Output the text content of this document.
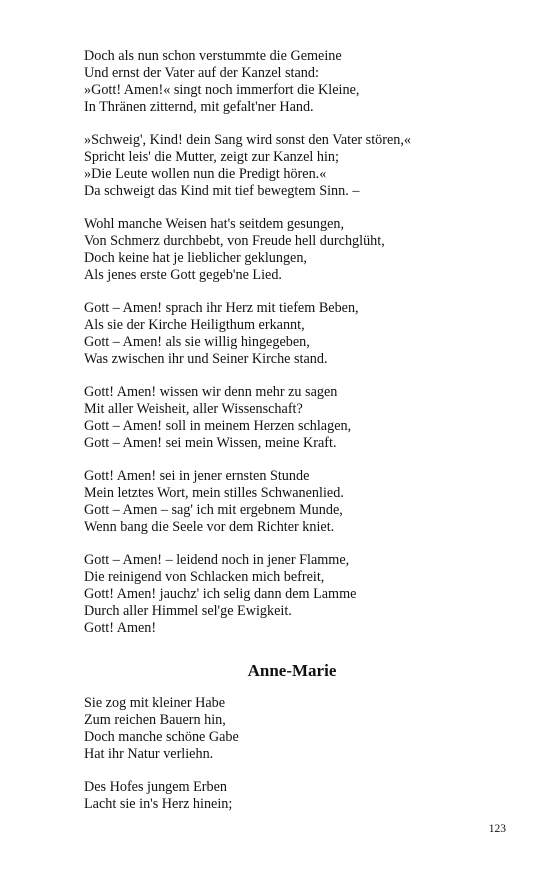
Doch als nun schon verstummte die Gemeine
Und ernst der Vater auf der Kanzel stand:
»Gott! Amen!« singt noch immerfort die Kleine,
In Thränen zitternd, mit gefalt'ner Hand.
»Schweig', Kind! dein Sang wird sonst den Vater stören,«
Spricht leis' die Mutter, zeigt zur Kanzel hin;
»Die Leute wollen nun die Predigt hören.«
Da schweigt das Kind mit tief bewegtem Sinn. –
Wohl manche Weisen hat's seitdem gesungen,
Von Schmerz durchbebt, von Freude hell durchglüht,
Doch keine hat je lieblicher geklungen,
Als jenes erste Gott gegeb'ne Lied.
Gott – Amen! sprach ihr Herz mit tiefem Beben,
Als sie der Kirche Heiligthum erkannt,
Gott – Amen! als sie willig hingegeben,
Was zwischen ihr und Seiner Kirche stand.
Gott! Amen! wissen wir denn mehr zu sagen
Mit aller Weisheit, aller Wissenschaft?
Gott – Amen! soll in meinem Herzen schlagen,
Gott – Amen! sei mein Wissen, meine Kraft.
Gott! Amen! sei in jener ernsten Stunde
Mein letztes Wort, mein stilles Schwanenlied.
Gott – Amen – sag' ich mit ergebnem Munde,
Wenn bang die Seele vor dem Richter kniet.
Gott – Amen! – leidend noch in jener Flamme,
Die reinigend von Schlacken mich befreit,
Gott! Amen! jauchz' ich selig dann dem Lamme
Durch aller Himmel sel'ge Ewigkeit.
Gott! Amen!
Anne-Marie
Sie zog mit kleiner Habe
Zum reichen Bauern hin,
Doch manche schöne Gabe
Hat ihr Natur verliehn.
Des Hofes jungem Erben
Lacht sie in's Herz hinein;
123
